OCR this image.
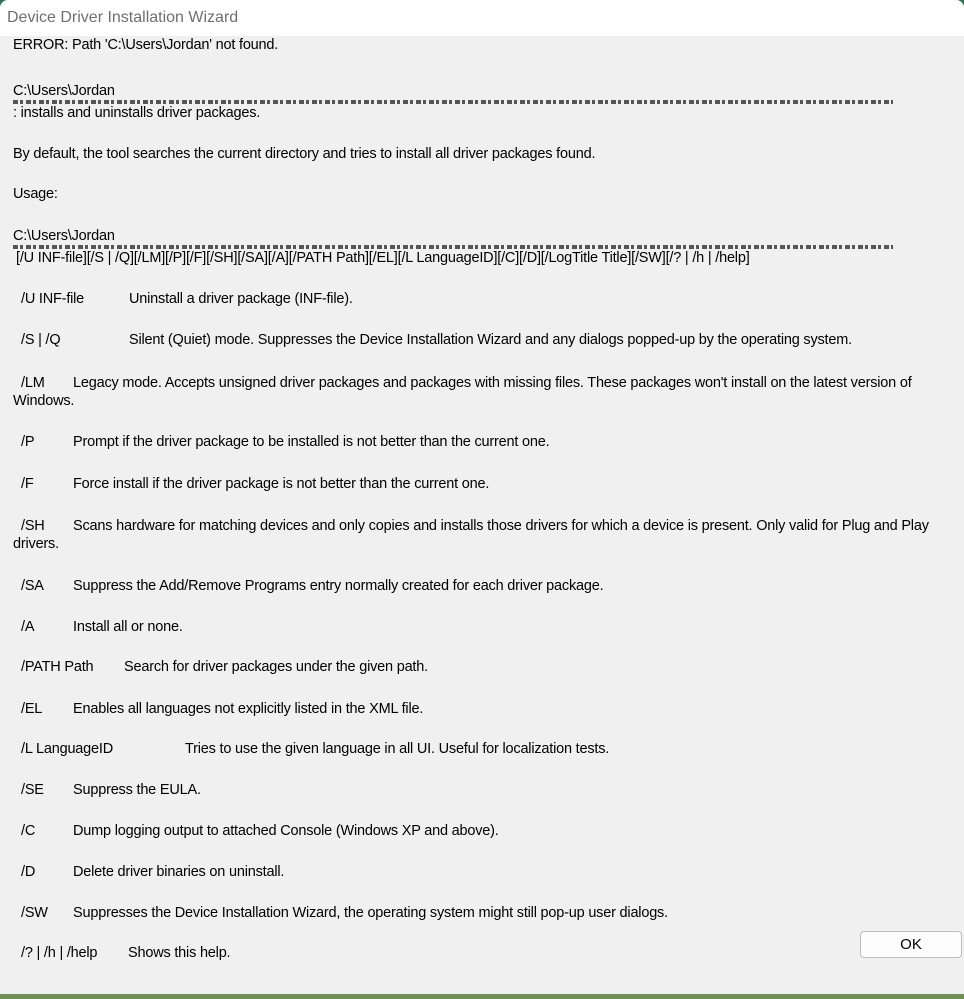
Device Driver Installation Wizard
ERROR: Path 'C:\Users\Jordan' not found.
C:\Users\Jordan
: installs and uninstalls driver packages.
By default, the tool searches the current directory and tries to install all driver packages found.
Usage:
C:\Users\Jordan
[/U INF-file][/S | /Q][/LM][/P][/F][/SH][/SA][/A][/PATH Path][/EL][/L LanguageID][/C][/D][/LogTitle Title][/SW][/? | /h | /help]
/U INF-file	Uninstall a driver package (INF-file).
/S | /Q	Silent (Quiet) mode. Suppresses the Device Installation Wizard and any dialogs popped-up by the operating system.
/LM Legacy mode. Accepts unsigned driver packages and packages with missing files. These packages won't install on the latest version of Windows.
/P	Prompt if the driver package to be installed is not better than the current one.
/F	Force install if the driver package is not better than the current one.
/SH Scans hardware for matching devices and only copies and installs those drivers for which a device is present. Only valid for Plug and Play drivers.
/SA Suppress the Add/Remove Programs entry normally created for each driver package.
/A	Install all or none.
/PATH Path Search for driver packages under the given path.
/EL Enables all languages not explicitly listed in the XML file.
/L LanguageID	Tries to use the given language in all UI. Useful for localization tests.
/SE Suppress the EULA.
/C	Dump logging output to attached Console (Windows XP and above).
/D	Delete driver binaries on uninstall.
/SW Suppresses the Device Installation Wizard, the operating system might still pop-up user dialogs.
/? | /h | /help Shows this help.	OK
